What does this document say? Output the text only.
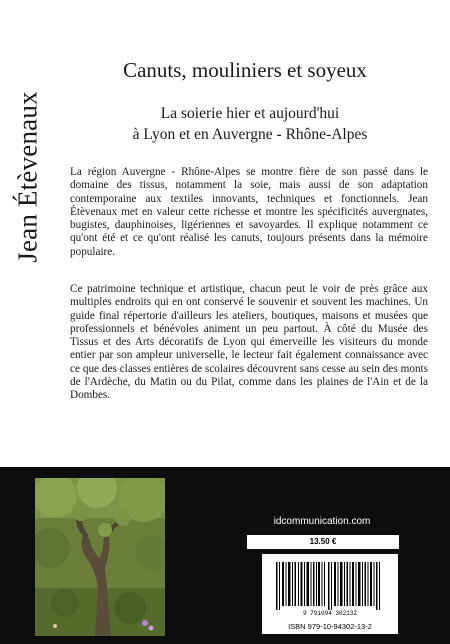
Jean Étèvenaux
Canuts, mouliniers et soyeux
La soierie hier et aujourd'hui
à Lyon et en Auvergne - Rhône-Alpes

La région Auvergne - Rhône-Alpes se montre fière de son passé dans le domaine des tissus, notamment la soie, mais aussi de son adaptation contemporaine aux textiles innovants, techniques et fonctionnels. Jean Étèvenaux met en valeur cette richesse et montre les spécificités auvergnates, bugistes, dauphinoises, ligériennes et savoyardes. Il explique notamment ce qu'ont été et ce qu'ont réalisé les canuts, toujours présents dans la mémoire populaire.

Ce patrimoine technique et artistique, chacun peut le voir de près grâce aux multiples endroits qui en ont conservé le souvenir et souvent les machines. Un guide final répertorie d'ailleurs les ateliers, boutiques, maisons et musées que professionnels et bénévoles animent un peu partout. À côté du Musée des Tissus et des Arts décoratifs de Lyon qui émerveille les visiteurs du monde entier par son ampleur universelle, le lecteur fait également connaissance avec ce que des classes entières de scolaires découvrent sans cesse au sein des monts de l'Ardèche, du Matin ou du Pilat, comme dans les plaines de l'Ain et de la Dombes.

idcommunication.com
13.50 €
9 791094 302132
ISBN 979-10-94302-13-2
